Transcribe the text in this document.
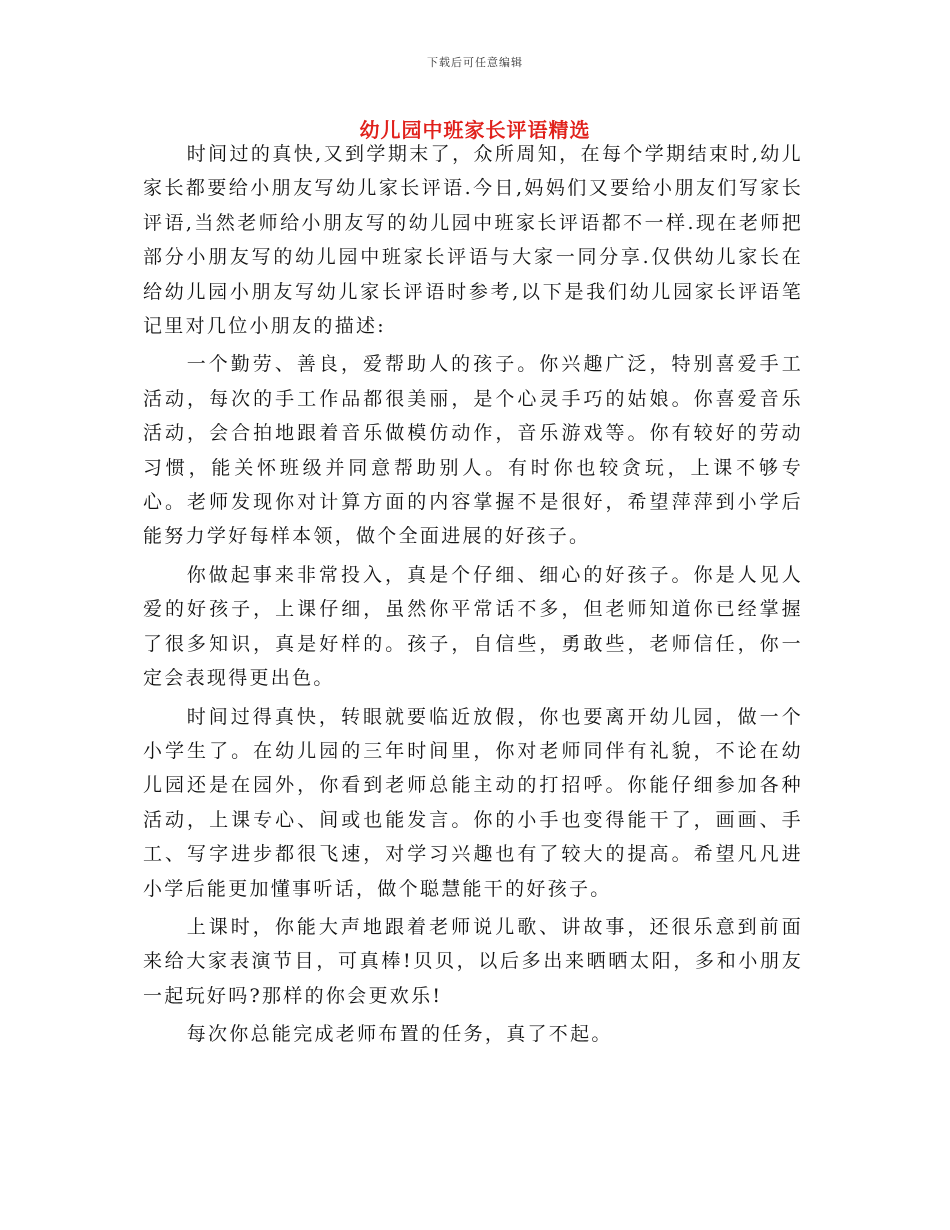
下载后可任意编辑
幼儿园中班家长评语精选

时间过的真快,又到学期末了，众所周知，在每个学期结束时,幼儿家长都要给小朋友写幼儿家长评语.今日,妈妈们又要给小朋友们写家长评语,当然老师给小朋友写的幼儿园中班家长评语都不一样.现在老师把部分小朋友写的幼儿园中班家长评语与大家一同分享.仅供幼儿家长在给幼儿园小朋友写幼儿家长评语时参考,以下是我们幼儿园家长评语笔记里对几位小朋友的描述:

一个勤劳、善良，爱帮助人的孩子。你兴趣广泛，特别喜爱手工活动，每次的手工作品都很美丽，是个心灵手巧的姑娘。你喜爱音乐活动，会合拍地跟着音乐做模仿动作，音乐游戏等。你有较好的劳动习惯，能关怀班级并同意帮助别人。有时你也较贪玩，上课不够专心。老师发现你对计算方面的内容掌握不是很好，希望萍萍到小学后能努力学好每样本领，做个全面进展的好孩子。

你做起事来非常投入，真是个仔细、细心的好孩子。你是人见人爱的好孩子，上课仔细，虽然你平常话不多，但老师知道你已经掌握了很多知识，真是好样的。孩子，自信些，勇敢些，老师信任，你一定会表现得更出色。

时间过得真快，转眼就要临近放假，你也要离开幼儿园，做一个小学生了。在幼儿园的三年时间里，你对老师同伴有礼貌，不论在幼儿园还是在园外，你看到老师总能主动的打招呼。你能仔细参加各种活动，上课专心、间或也能发言。你的小手也变得能干了，画画、手工、写字进步都很飞速，对学习兴趣也有了较大的提高。希望凡凡进小学后能更加懂事听话，做个聪慧能干的好孩子。

上课时，你能大声地跟着老师说儿歌、讲故事，还很乐意到前面来给大家表演节目，可真棒!贝贝，以后多出来晒晒太阳，多和小朋友一起玩好吗?那样的你会更欢乐!

每次你总能完成老师布置的任务，真了不起。
